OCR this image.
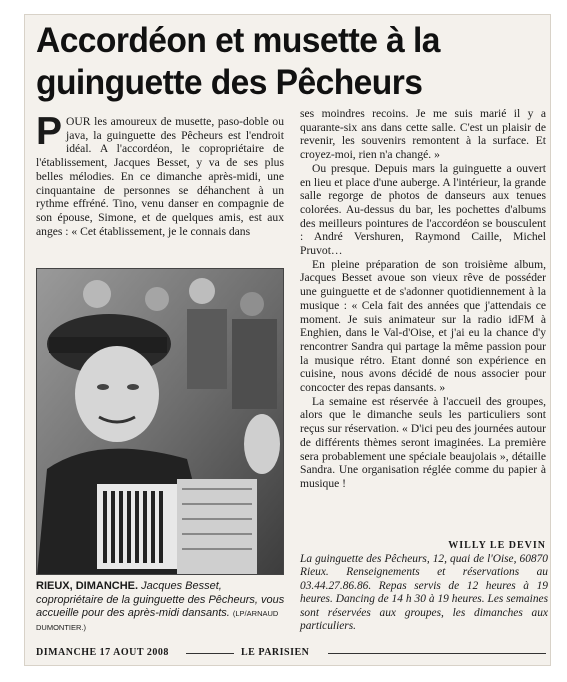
Accordéon et musette à la guinguette des Pêcheurs

POUR les amoureux de musette, paso-doble ou java, la guinguette des Pêcheurs est l'endroit idéal. A l'accordéon, le copropriétaire de l'établissement, Jacques Besset, y va de ses plus belles mélodies. En ce dimanche après-midi, une cinquantaine de personnes se déhanchent à un rythme effréné. Tino, venu danser en compagnie de son épouse, Simone, et de quelques amis, est aux anges : « Cet établissement, je le connais dans

RIEUX, DIMANCHE. Jacques Besset, copropriétaire de la guinguette des Pêcheurs, vous accueille pour des après-midi dansants. (LP/ARNAUD DUMONTIER.)

ses moindres recoins. Je me suis marié il y a quarante-six ans dans cette salle. C'est un plaisir de revenir, les souvenirs remontent à la surface. Et croyez-moi, rien n'a changé. »

Ou presque. Depuis mars la guinguette a ouvert en lieu et place d'une auberge. A l'intérieur, la grande salle regorge de photos de danseurs aux tenues colorées. Au-dessus du bar, les pochettes d'albums des meilleurs pointures de l'accordéon se bousculent : André Vershuren, Raymond Caille, Michel Pruvot…

En pleine préparation de son troisième album, Jacques Besset avoue son vieux rêve de posséder une guinguette et de s'adonner quotidiennement à la musique : « Cela fait des années que j'attendais ce moment. Je suis animateur sur la radio idFM à Enghien, dans le Val-d'Oise, et j'ai eu la chance d'y rencontrer Sandra qui partage la même passion pour la musique rétro. Etant donné son expérience en cuisine, nous avons décidé de nous associer pour concocter des repas dansants. »

La semaine est réservée à l'accueil des groupes, alors que le dimanche seuls les particuliers sont reçus sur réservation. « D'ici peu des journées autour de différents thèmes seront imaginées. La première sera probablement une spéciale beaujolais », détaille Sandra. Une organisation réglée comme du papier à musique !

WILLY LE DEVIN

La guinguette des Pêcheurs, 12, quai de l'Oise, 60870 Rieux. Renseignements et réservations au 03.44.27.86.86. Repas servis de 12 heures à 19 heures. Dancing de 14 h 30 à 19 heures. Les semaines sont réservées aux groupes, les dimanches aux particuliers.

DIMANCHE 17 AOUT 2008	LE PARISIEN
